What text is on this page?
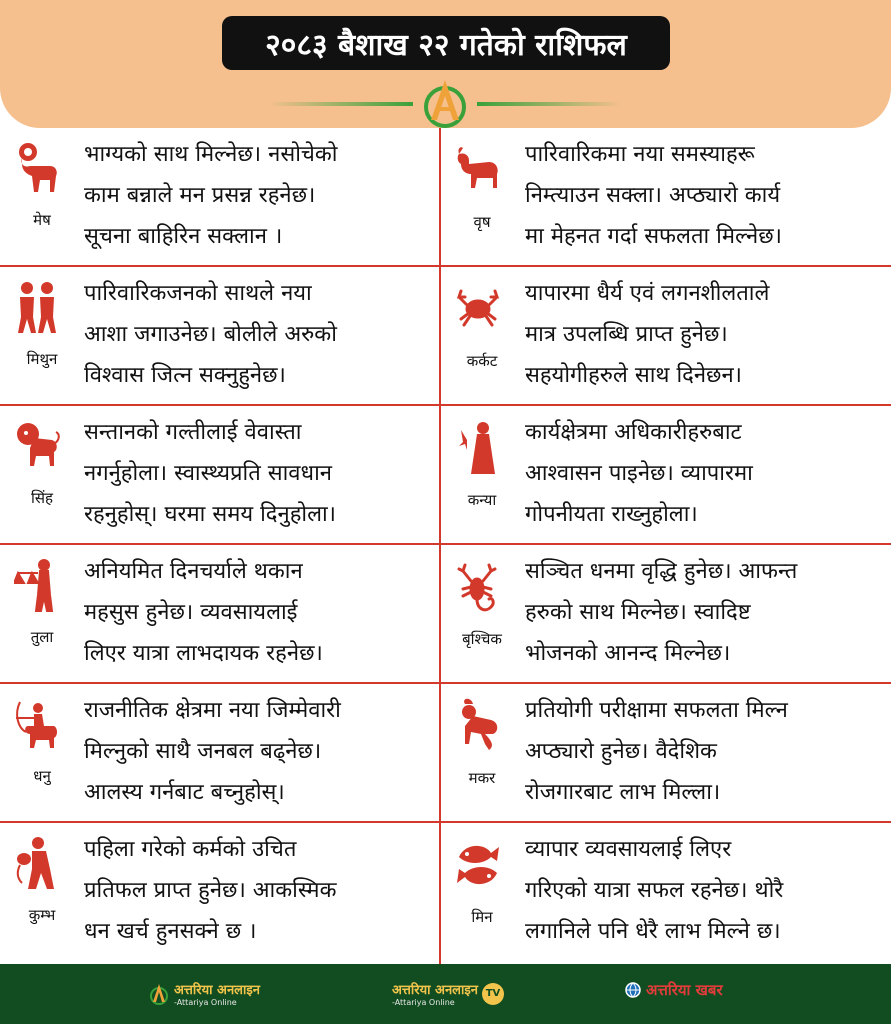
२०८३ बैशाख २२ गतेको राशिफल
मेष
भाग्यको साथ मिल्नेछ। नसोचेको
काम बन्नाले मन प्रसन्न रहनेछ।
सूचना बाहिरिन सक्लान ।
वृष
पारिवारिकमा नया समस्याहरू
निम्त्याउन सक्ला। अप्ठ्यारो कार्य
मा मेहनत गर्दा सफलता मिल्नेछ।
मिथुन
पारिवारिकजनको साथले नया
आशा जगाउनेछ। बोलीले अरुको
विश्वास जित्न सक्नुहुनेछ।
कर्कट
यापारमा धैर्य एवं लगनशीलताले
मात्र उपलब्धि प्राप्त हुनेछ।
सहयोगीहरुले साथ दिनेछन।
सिंह
सन्तानको गल्तीलाई वेवास्ता
नगर्नुहोला। स्वास्थ्यप्रति सावधान
रहनुहोस्। घरमा समय दिनुहोला।
कन्या
कार्यक्षेत्रमा अधिकारीहरुबाट
आश्वासन पाइनेछ। व्यापारमा
गोपनीयता राख्नुहोला।
तुला
अनियमित दिनचर्याले थकान
महसुस हुनेछ। व्यवसायलाई
लिएर यात्रा लाभदायक रहनेछ।
बृश्चिक
सञ्चित धनमा वृद्धि हुनेछ। आफन्त
हरुको साथ मिल्नेछ। स्वादिष्ट
भोजनको आनन्द मिल्नेछ।
धनु
राजनीतिक क्षेत्रमा नया जिम्मेवारी
मिल्नुको साथै जनबल बढ्नेछ।
आलस्य गर्नबाट बच्नुहोस्।
मकर
प्रतियोगी परीक्षामा सफलता मिल्न
अप्ठ्यारो हुनेछ। वैदेशिक
रोजगारबाट लाभ मिल्ला।
कुम्भ
पहिला गरेको कर्मको उचित
प्रतिफल प्राप्त हुनेछ। आकस्मिक
धन खर्च हुनसक्ने छ ।
मिन
व्यापार व्यवसायलाई लिएर
गरिएको यात्रा सफल रहनेछ। थोरै
लगानिले पनि धेरै लाभ मिल्ने छ।
अत्तरिया अनलाइन
-Attariya Online
अत्तरिया अनलाइन
-Attariya Online
TV	अत्तरिया खबर
